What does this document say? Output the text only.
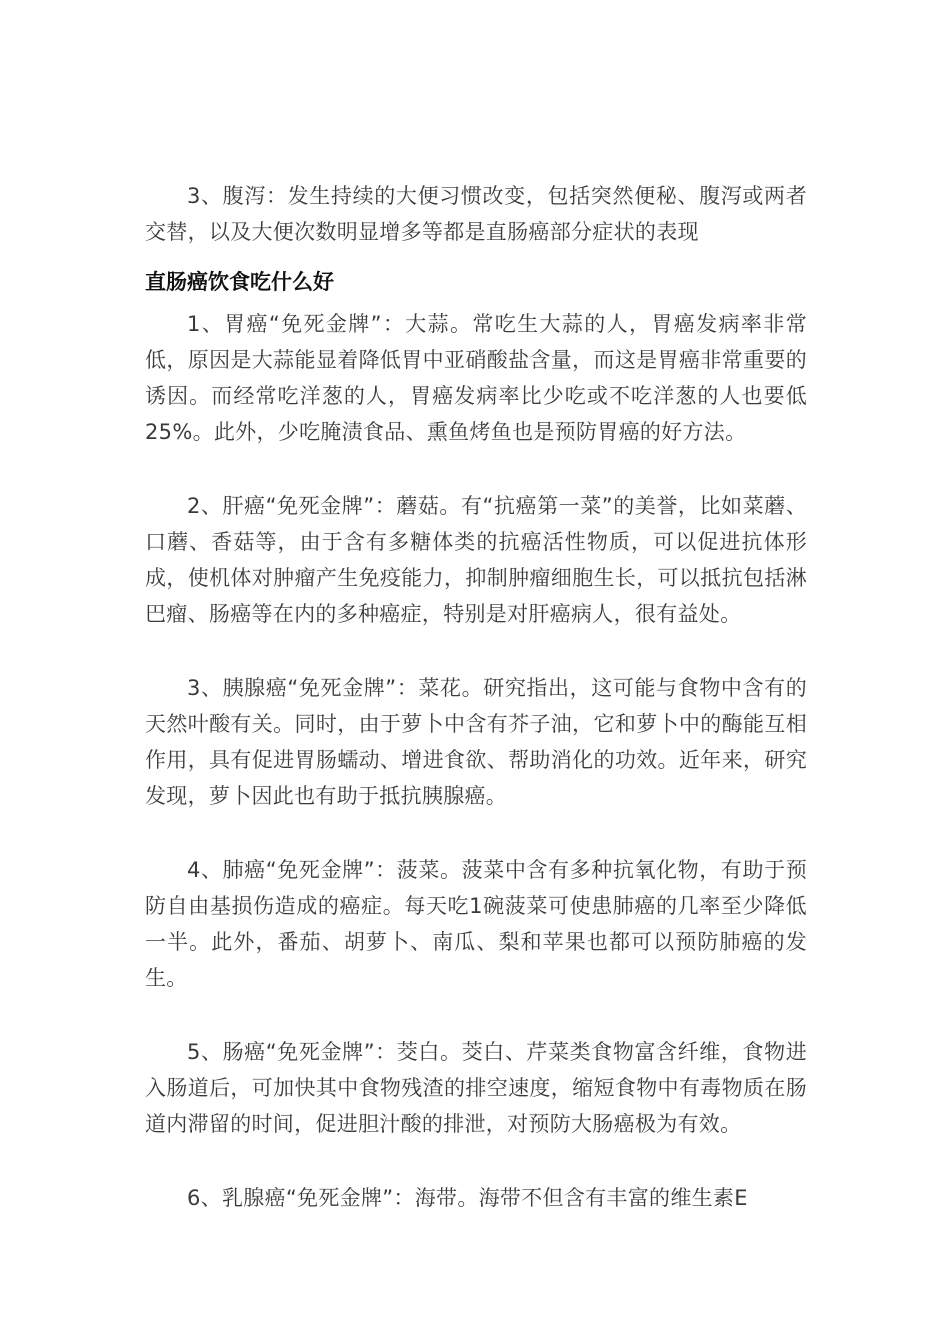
3、腹泻：发生持续的大便习惯改变，包括突然便秘、腹泻或两者交替，以及大便次数明显增多等都是直肠癌部分症状的表现

直肠癌饮食吃什么好

1、胃癌“免死金牌”：大蒜。常吃生大蒜的人，胃癌发病率非常低，原因是大蒜能显着降低胃中亚硝酸盐含量，而这是胃癌非常重要的诱因。而经常吃洋葱的人，胃癌发病率比少吃或不吃洋葱的人也要低25%。此外，少吃腌渍食品、熏鱼烤鱼也是预防胃癌的好方法。

2、肝癌“免死金牌”：蘑菇。有“抗癌第一菜”的美誉，比如菜蘑、口蘑、香菇等，由于含有多糖体类的抗癌活性物质，可以促进抗体形成，使机体对肿瘤产生免疫能力，抑制肿瘤细胞生长，可以抵抗包括淋巴瘤、肠癌等在内的多种癌症，特别是对肝癌病人，很有益处。

3、胰腺癌“免死金牌”：菜花。研究指出，这可能与食物中含有的天然叶酸有关。同时，由于萝卜中含有芥子油，它和萝卜中的酶能互相作用，具有促进胃肠蠕动、增进食欲、帮助消化的功效。近年来，研究发现，萝卜因此也有助于抵抗胰腺癌。

4、肺癌“免死金牌”：菠菜。菠菜中含有多种抗氧化物，有助于预防自由基损伤造成的癌症。每天吃1碗菠菜可使患肺癌的几率至少降低一半。此外，番茄、胡萝卜、南瓜、梨和苹果也都可以预防肺癌的发生。

5、肠癌“免死金牌”：茭白。茭白、芹菜类食物富含纤维，食物进入肠道后，可加快其中食物残渣的排空速度，缩短食物中有毒物质在肠道内滞留的时间，促进胆汁酸的排泄，对预防大肠癌极为有效。

6、乳腺癌“免死金牌”：海带。海带不但含有丰富的维生素E
